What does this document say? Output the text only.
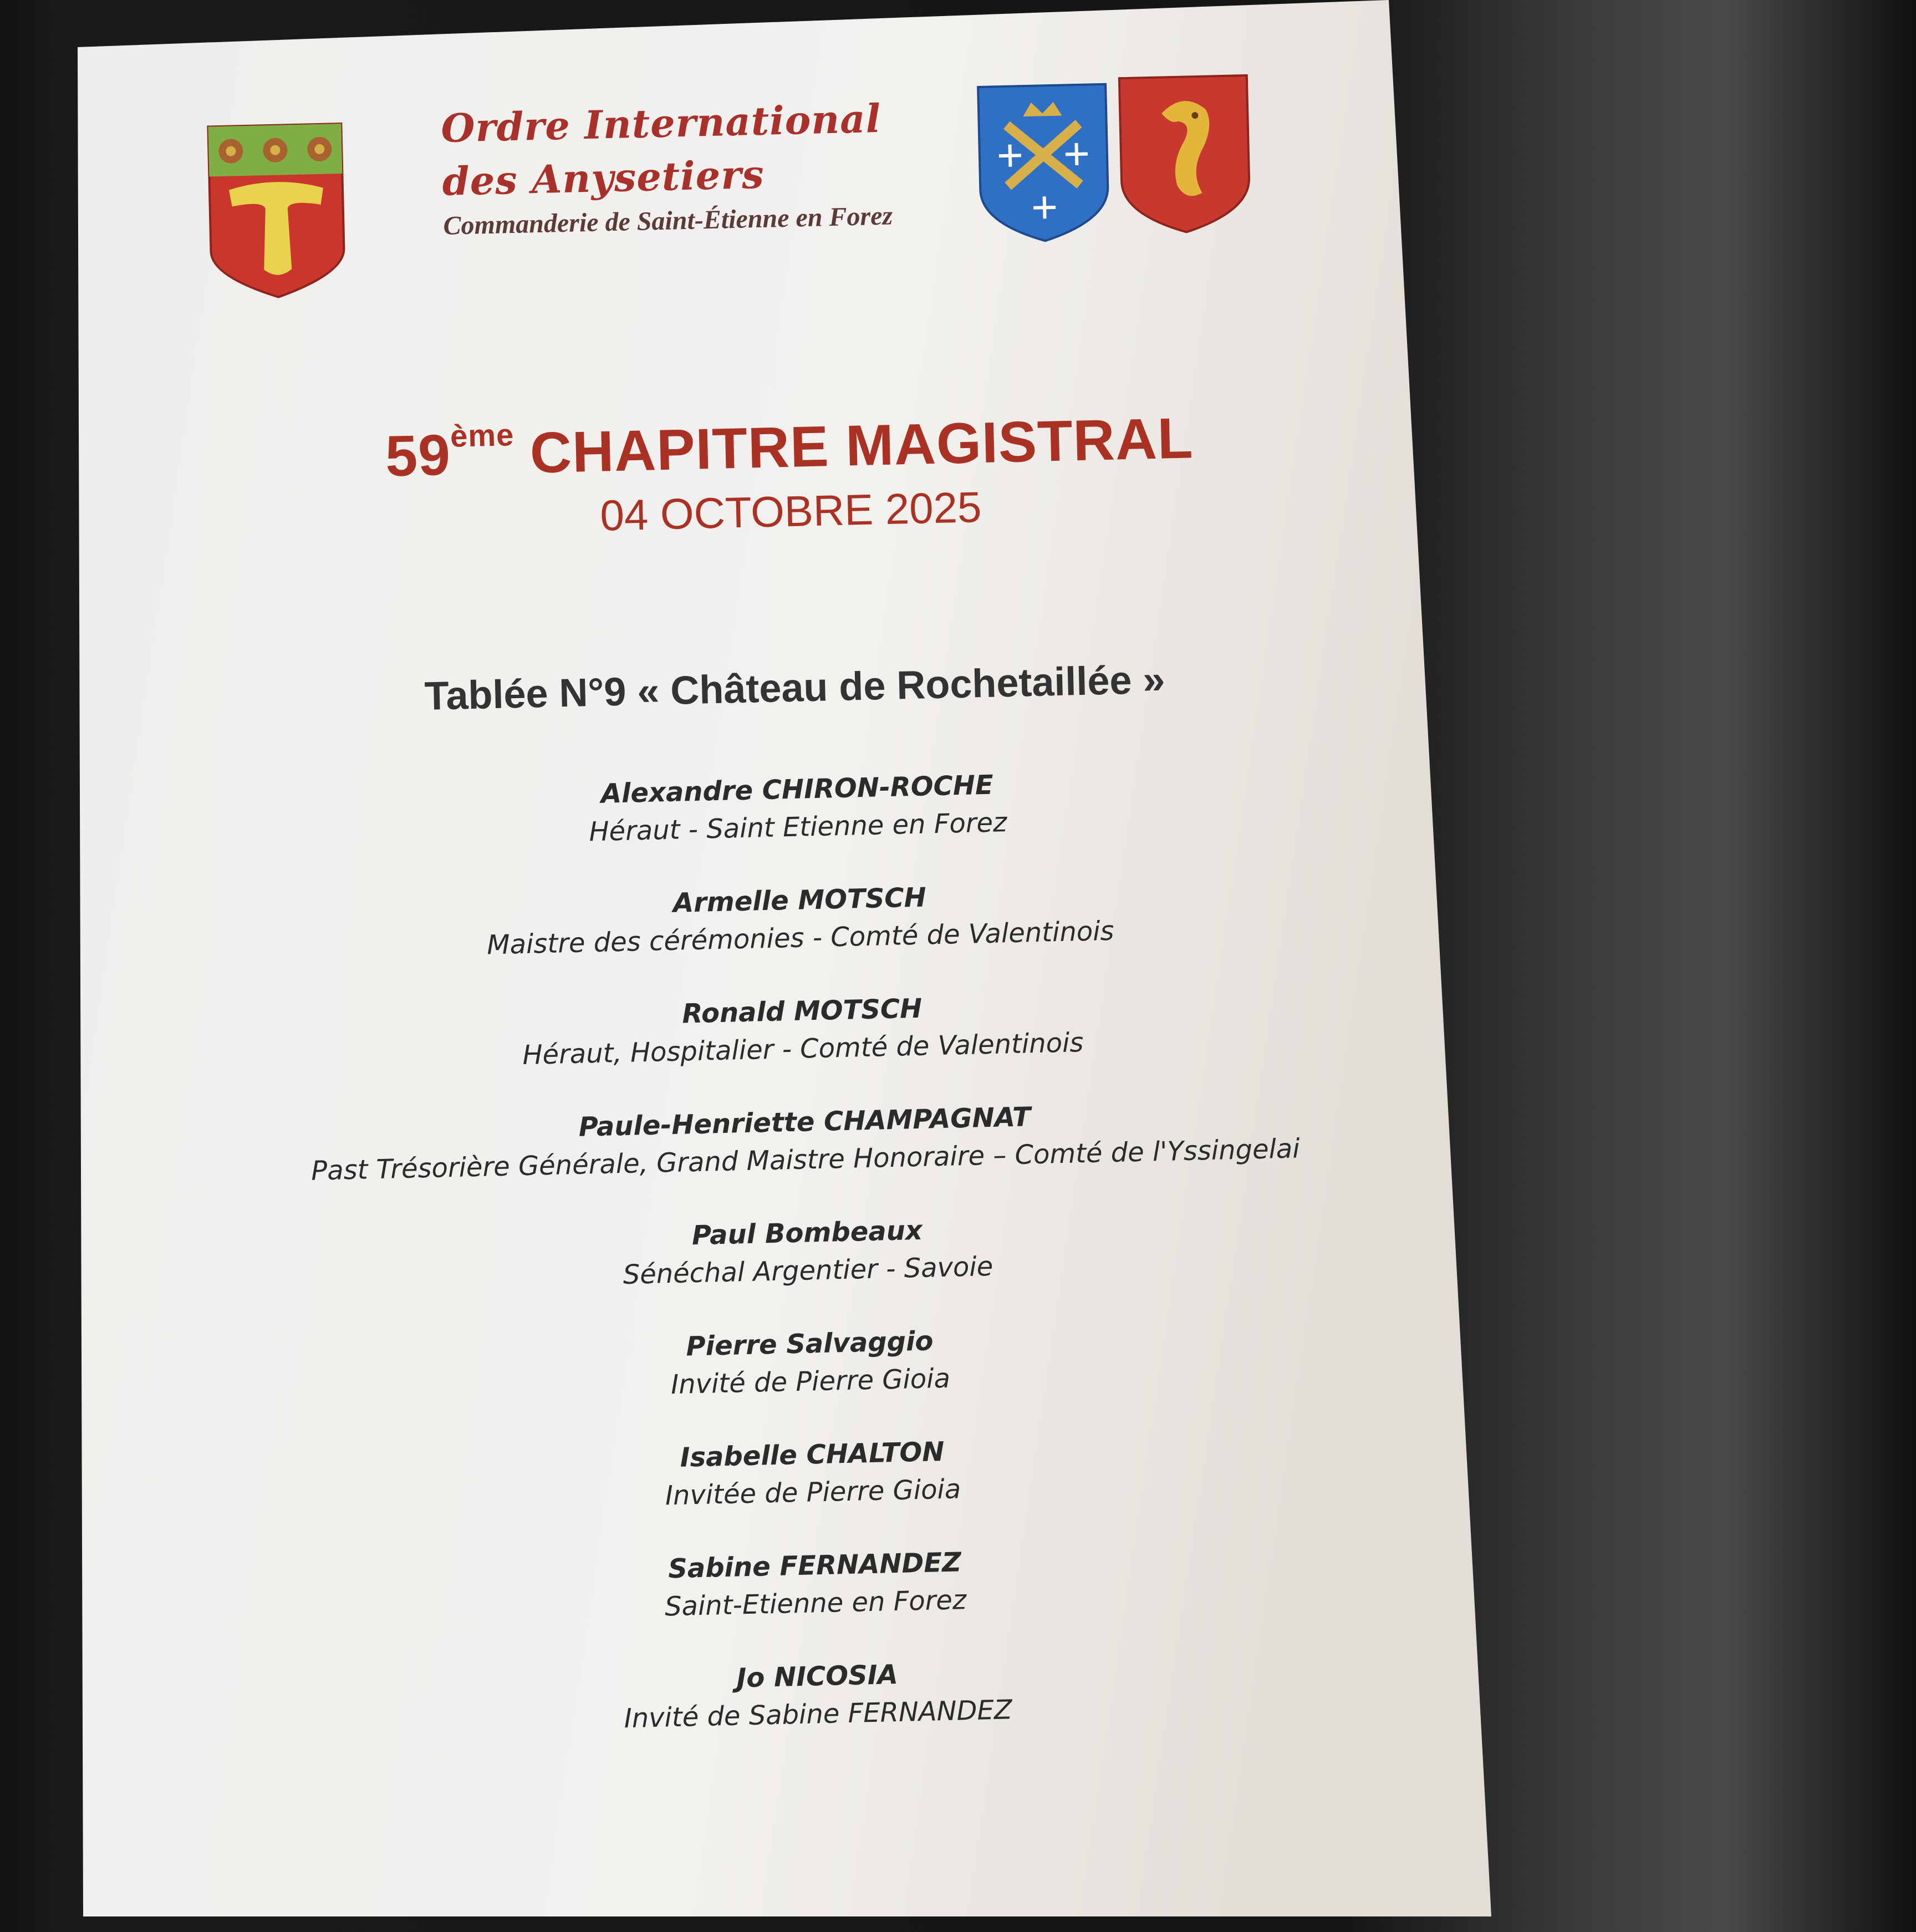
Ordre International
des Anysetiers
Commanderie de Saint-Étienne en Forez
59ème CHAPITRE MAGISTRAL
04 OCTOBRE 2025
Tablée N°9 « Château de Rochetaillée »
Alexandre CHIRON-ROCHE
Héraut - Saint Etienne en Forez
Armelle MOTSCH
Maistre des cérémonies - Comté de Valentinois
Ronald MOTSCH
Héraut, Hospitalier - Comté de Valentinois
Paule-Henriette CHAMPAGNAT
Past Trésorière Générale, Grand Maistre Honoraire – Comté de l'Yssingelai
Paul Bombeaux
Sénéchal Argentier - Savoie
Pierre Salvaggio
Invité de Pierre Gioia
Isabelle CHALTON
Invitée de Pierre Gioia
Sabine FERNANDEZ
Saint-Etienne en Forez
Jo NICOSIA
Invité de Sabine FERNANDEZ
